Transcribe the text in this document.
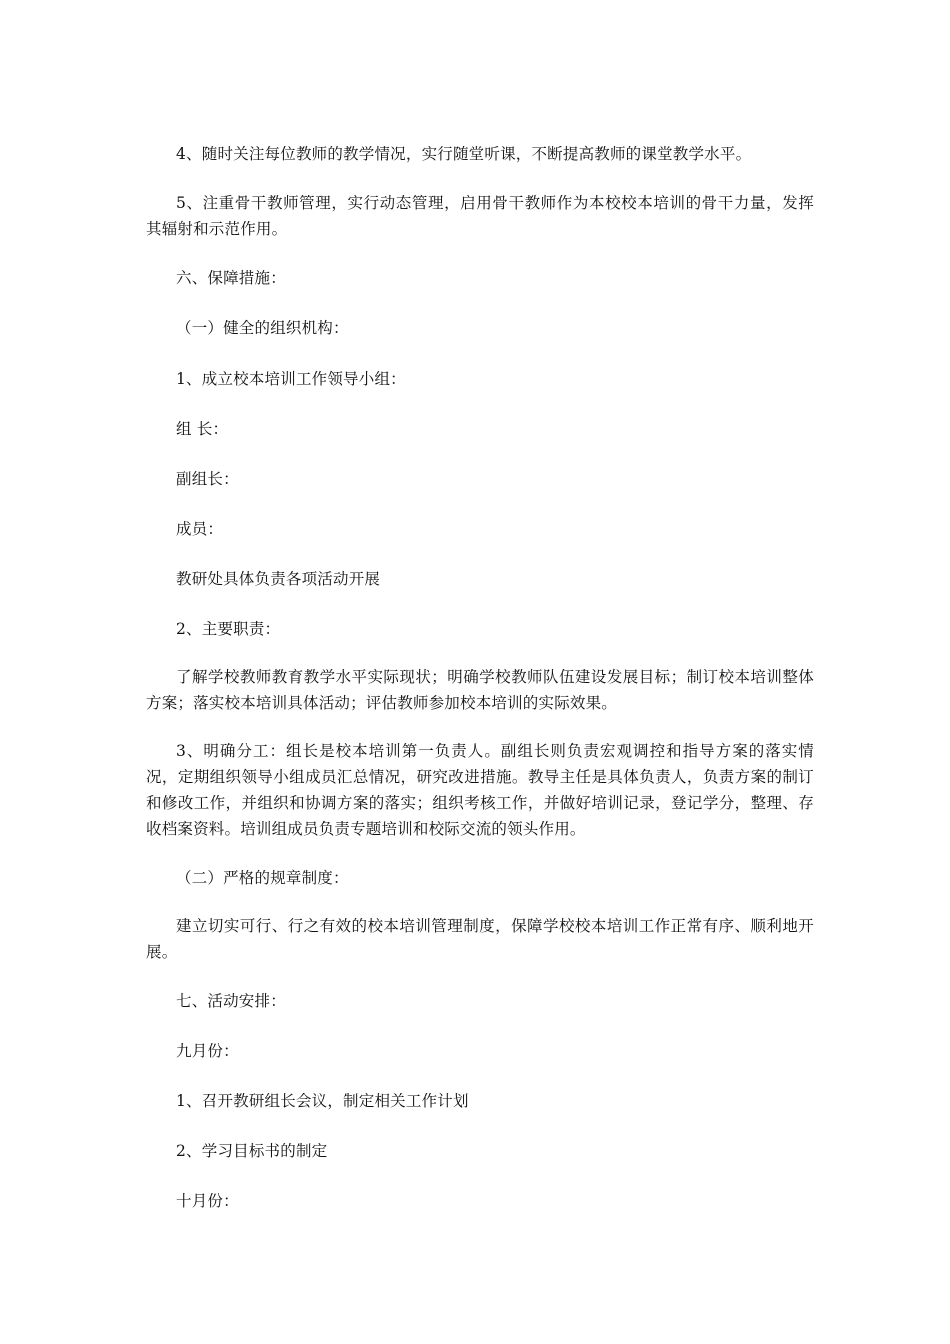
4、随时关注每位教师的教学情况，实行随堂听课，不断提高教师的课堂教学水平。

5、注重骨干教师管理，实行动态管理，启用骨干教师作为本校校本培训的骨干力量，发挥其辐射和示范作用。

六、保障措施：

（一）健全的组织机构：

1、成立校本培训工作领导小组：

组 长：

副组长：

成员：

教研处具体负责各项活动开展

2、主要职责：

了解学校教师教育教学水平实际现状；明确学校教师队伍建设发展目标；制订校本培训整体方案；落实校本培训具体活动；评估教师参加校本培训的实际效果。

3、明确分工：组长是校本培训第一负责人。副组长则负责宏观调控和指导方案的落实情况，定期组织领导小组成员汇总情况，研究改进措施。教导主任是具体负责人，负责方案的制订和修改工作，并组织和协调方案的落实；组织考核工作，并做好培训记录，登记学分，整理、存收档案资料。培训组成员负责专题培训和校际交流的领头作用。

（二）严格的规章制度：

建立切实可行、行之有效的校本培训管理制度，保障学校校本培训工作正常有序、顺利地开展。

七、活动安排：

九月份：

1、召开教研组长会议，制定相关工作计划

2、学习目标书的制定

十月份：
